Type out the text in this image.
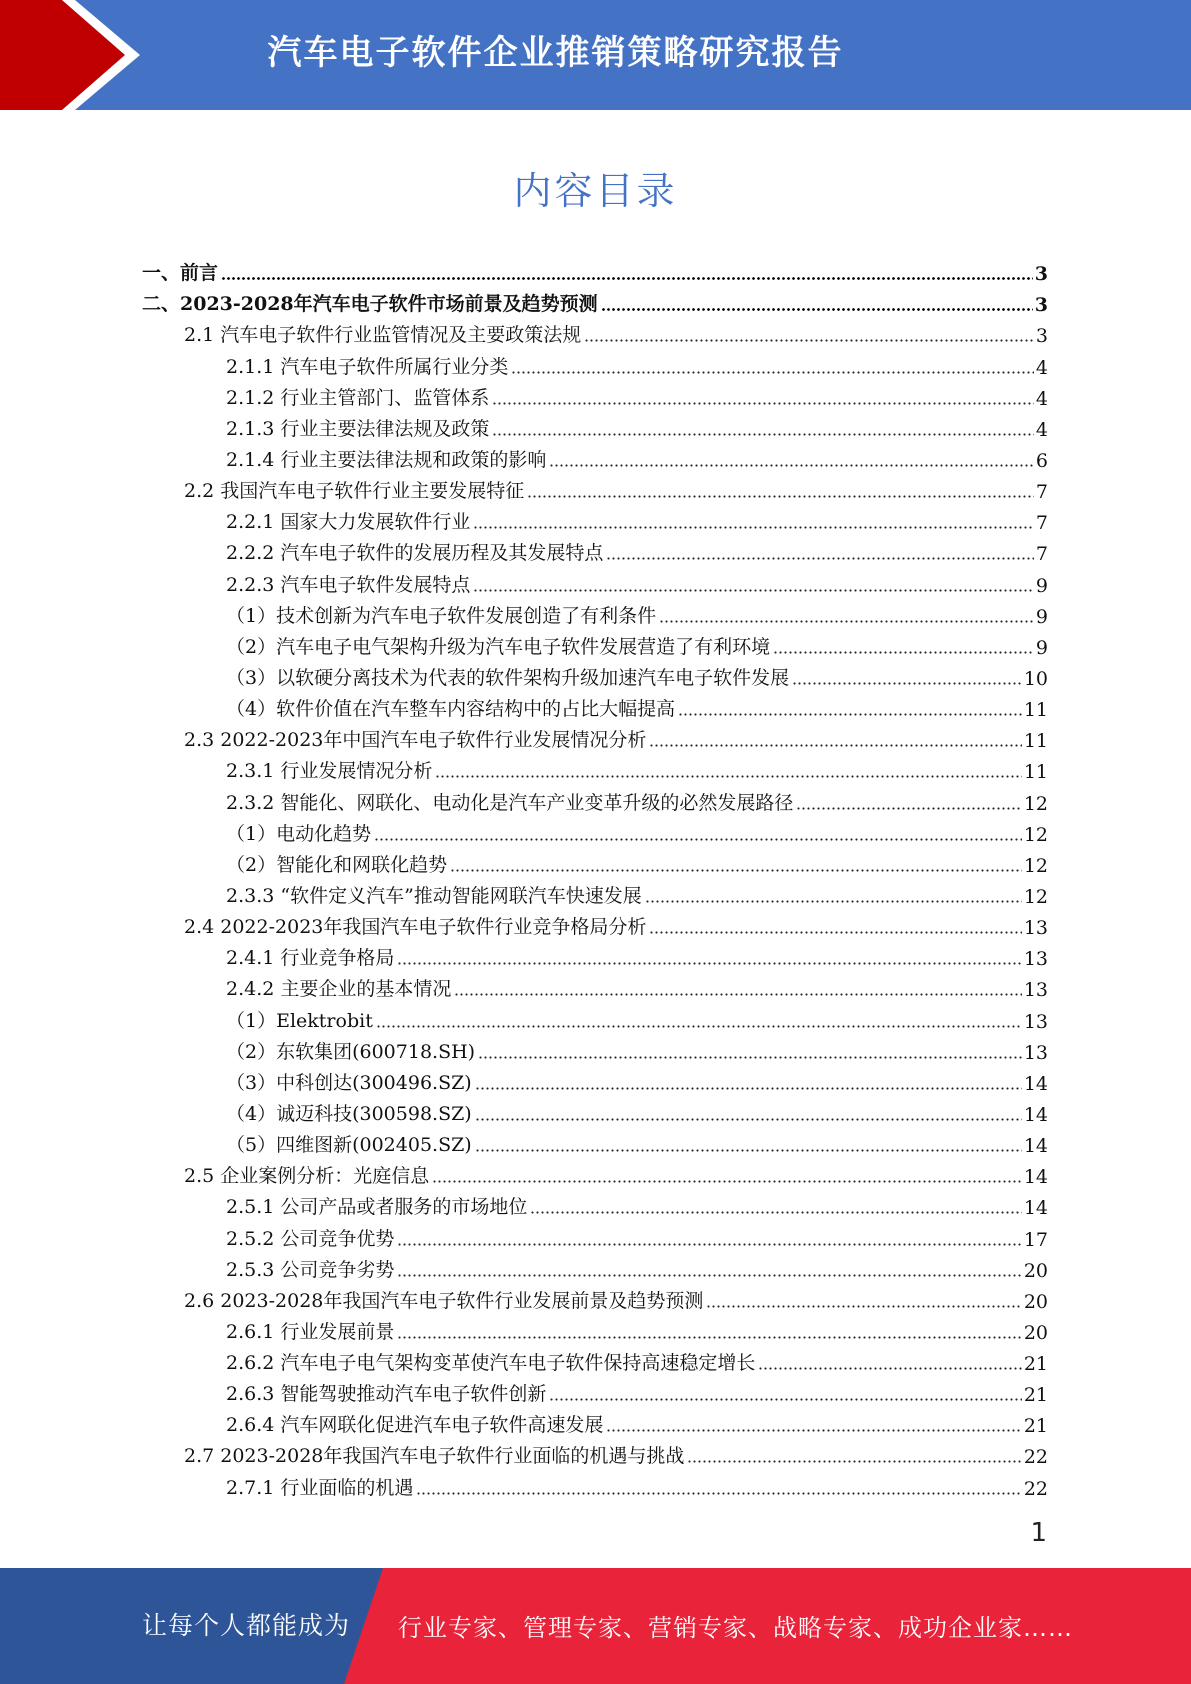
汽车电子软件企业推销策略研究报告
内容目录
一、前言	3
二、2023-2028年汽车电子软件市场前景及趋势预测	3
2.1 汽车电子软件行业监管情况及主要政策法规	3
2.1.1 汽车电子软件所属行业分类	4
2.1.2 行业主管部门、监管体系	4
2.1.3 行业主要法律法规及政策	4
2.1.4 行业主要法律法规和政策的影响	6
2.2 我国汽车电子软件行业主要发展特征	7
2.2.1 国家大力发展软件行业	7
2.2.2 汽车电子软件的发展历程及其发展特点	7
2.2.3 汽车电子软件发展特点	9
（1）技术创新为汽车电子软件发展创造了有利条件	9
（2）汽车电子电气架构升级为汽车电子软件发展营造了有利环境	9
（3）以软硬分离技术为代表的软件架构升级加速汽车电子软件发展	10
（4）软件价值在汽车整车内容结构中的占比大幅提高	11
2.3 2022-2023年中国汽车电子软件行业发展情况分析	11
2.3.1 行业发展情况分析	11
2.3.2 智能化、网联化、电动化是汽车产业变革升级的必然发展路径	12
（1）电动化趋势	12
（2）智能化和网联化趋势	12
2.3.3 “软件定义汽车”推动智能网联汽车快速发展	12
2.4 2022-2023年我国汽车电子软件行业竞争格局分析	13
2.4.1 行业竞争格局	13
2.4.2 主要企业的基本情况	13
（1）Elektrobit	13
（2）东软集团(600718.SH)	13
（3）中科创达(300496.SZ)	14
（4）诚迈科技(300598.SZ)	14
（5）四维图新(002405.SZ)	14
2.5 企业案例分析：光庭信息	14
2.5.1 公司产品或者服务的市场地位	14
2.5.2 公司竞争优势	17
2.5.3 公司竞争劣势	20
2.6 2023-2028年我国汽车电子软件行业发展前景及趋势预测	20
2.6.1 行业发展前景	20
2.6.2 汽车电子电气架构变革使汽车电子软件保持高速稳定增长	21
2.6.3 智能驾驶推动汽车电子软件创新	21
2.6.4 汽车网联化促进汽车电子软件高速发展	21
2.7 2023-2028年我国汽车电子软件行业面临的机遇与挑战	22
2.7.1 行业面临的机遇	22
1
让每个人都能成为 行业专家、管理专家、营销专家、战略专家、成功企业家……
